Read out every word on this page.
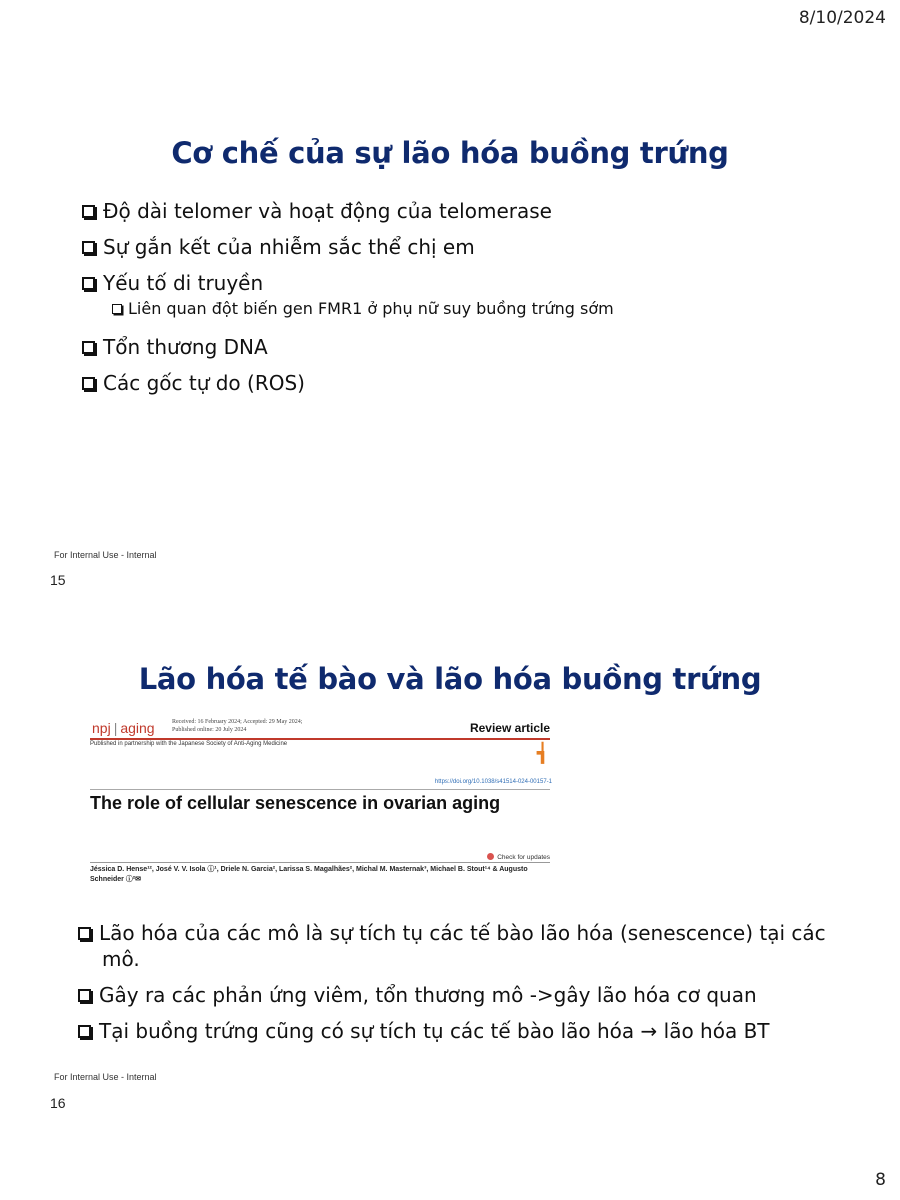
8/10/2024
Cơ chế của sự lão hóa buồng trứng
Độ dài telomer và hoạt động của telomerase
Sự gắn kết của nhiễm sắc thể chị em
Yếu tố di truyền
Liên quan đột biến gen FMR1 ở phụ nữ suy buồng trứng sớm
Tổn thương DNA
Các gốc tự do (ROS)
For Internal Use - Internal
15
Lão hóa tế bào và lão hóa buồng trứng
npj | aging	Received: 16 February 2024; Accepted: 29 May 2024;
Published online: 20 July 2024	Review article
Published in partnership with the Japanese Society of Anti-Aging Medicine	┪
https://doi.org/10.1038/s41514-024-00157-1
The role of cellular senescence in ovarian aging
Check for updates
Jéssica D. Hense¹², José V. V. Isola ⓘ¹, Driele N. Garcia², Larissa S. Magalhães², Michal M. Masternak³, Michael B. Stout¹⁴ & Augusto Schneider ⓘ²✉
Lão hóa của các mô là sự tích tụ các tế bào lão hóa (senescence) tại các mô.
Gây ra các phản ứng viêm, tổn thương mô ->gây lão hóa cơ quan
Tại buồng trứng cũng có sự tích tụ các tế bào lão hóa → lão hóa BT
For Internal Use - Internal
16
8
